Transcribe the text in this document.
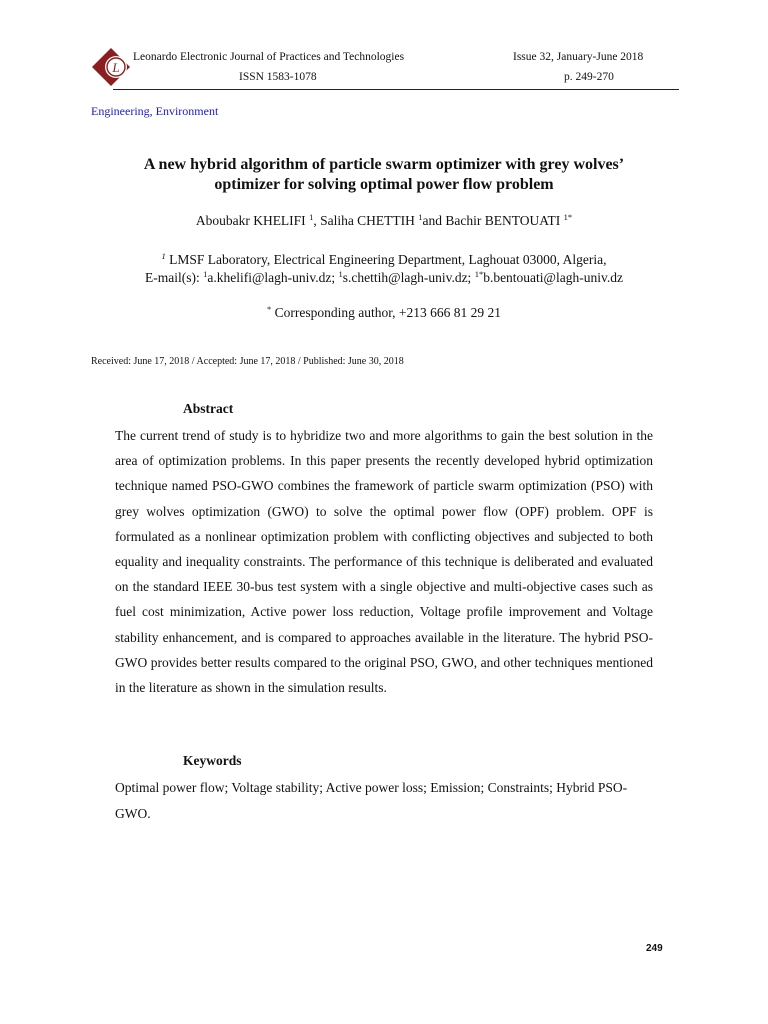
L
Leonardo Electronic Journal of Practices and Technologies	Issue 32, January-June 2018
ISSN 1583-1078	p. 249-270
Engineering, Environment
A new hybrid algorithm of particle swarm optimizer with grey wolves’
optimizer for solving optimal power flow problem
Aboubakr KHELIFI $^1$, Saliha CHETTIH $^1$and Bachir BENTOUATI $^{1*}$
$^1$ LMSF Laboratory, Electrical Engineering Department, Laghouat 03000, Algeria,
E-mail(s): $^1$a.khelifi@lagh-univ.dz; $^1$s.chettih@lagh-univ.dz; $^{1*}$b.bentouati@lagh-univ.dz
* Corresponding author, +213 666 81 29 21
Received: June 17, 2018 / Accepted: June 17, 2018 / Published: June 30, 2018
Abstract
The current trend of study is to hybridize two and more algorithms to gain the best solution in the area of optimization problems. In this paper presents the recently developed hybrid optimization technique named PSO-GWO combines the framework of particle swarm optimization (PSO) with grey wolves optimization (GWO) to solve the optimal power flow (OPF) problem. OPF is formulated as a nonlinear optimization problem with conflicting objectives and subjected to both equality and inequality constraints. The performance of this technique is deliberated and evaluated on the standard IEEE 30-bus test system with a single objective and multi-objective cases such as fuel cost minimization, Active power loss reduction, Voltage profile improvement and Voltage stability enhancement, and is compared to approaches available in the literature. The hybrid PSO-GWO provides better results compared to the original PSO, GWO, and other techniques mentioned in the literature as shown in the simulation results.
Keywords
Optimal power flow; Voltage stability; Active power loss; Emission; Constraints; Hybrid PSO-GWO.
249
